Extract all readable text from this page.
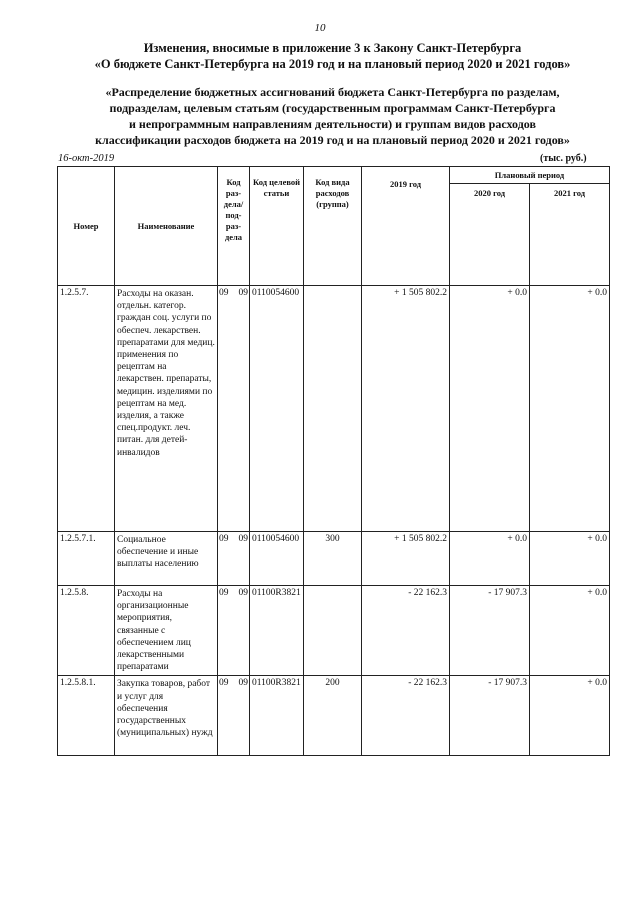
10
Изменения, вносимые в приложение 3 к Закону Санкт-Петербурга
«О бюджете Санкт-Петербурга на 2019 год и на плановый период 2020 и 2021 годов»
«Распределение бюджетных ассигнований бюджета Санкт-Петербурга по разделам,
подразделам, целевым статьям (государственным программам Санкт-Петербурга
и непрограммным направлениям деятельности) и группам видов расходов
классификации расходов бюджета на 2019 год и на плановый период 2020 и 2021 годов»
16-окт-2019	(тыс. руб.)
Номер	Наименование	Код раз- дела/ под- раз- дела	Код целевой статьи	Код вида расходов (группа)	2019 год	Плановый период	
						2020 год	2021 год
1.2.5.7.	Расходы на оказан. отдельн. категор. граждан соц. услуги по обеспеч. лекарствен. препаратами для медиц. применения по рецептам на лекарствен. препараты, медицин. изделиями по рецептам на мед. изделия, а также спец.продукт. леч. питан. для детей-инвалидов	09 09	0110054600		+ 1 505 802.2	+ 0.0	+ 0.0
1.2.5.7.1.	Социальное обеспечение и иные выплаты населению	09 09	0110054600	300	+ 1 505 802.2	+ 0.0	+ 0.0
1.2.5.8.	Расходы на организационные мероприятия, связанные с обеспечением лиц лекарственными препаратами	09 09	01100R3821		- 22 162.3	- 17 907.3	+ 0.0
1.2.5.8.1.	Закупка товаров, работ и услуг для обеспечения государственных (муниципальных) нужд	09 09	01100R3821	200	- 22 162.3	- 17 907.3	+ 0.0
